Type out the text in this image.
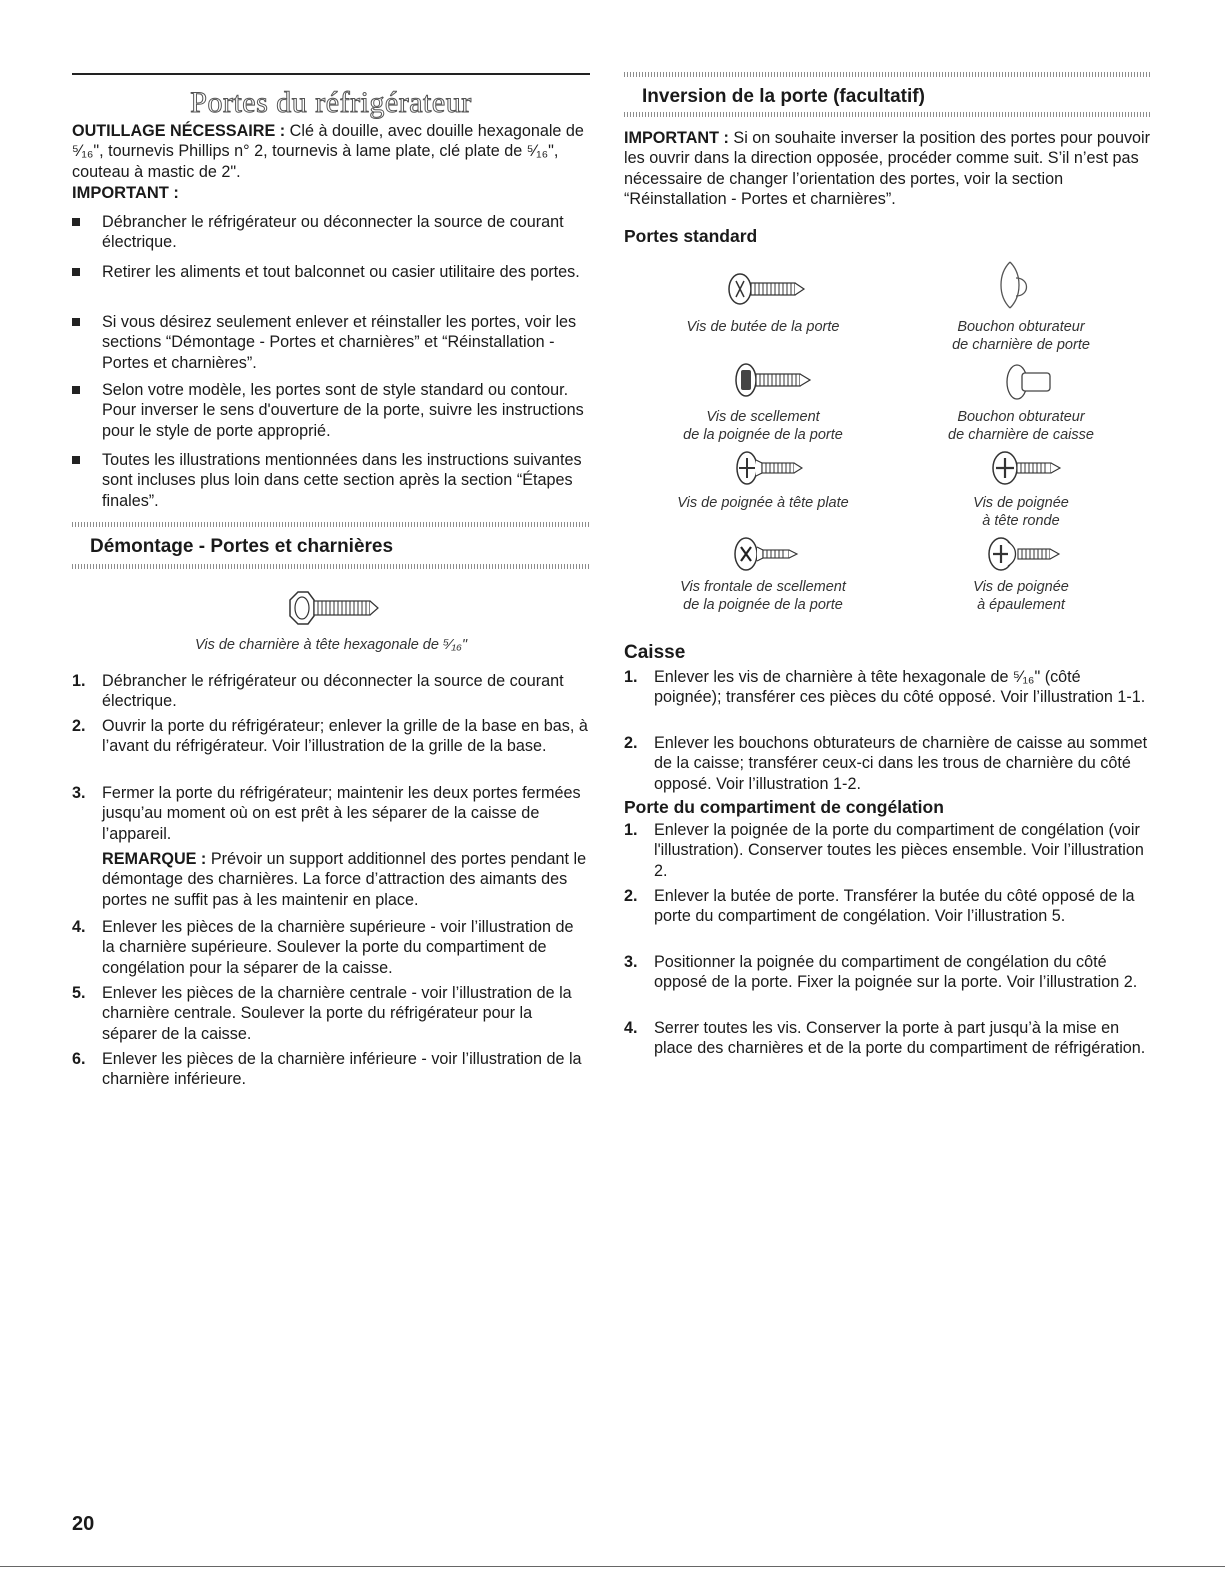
Portes du réfrigérateur

OUTILLAGE NÉCESSAIRE : Clé à douille, avec douille hexagonale de ⁵⁄₁₆", tournevis Phillips n° 2, tournevis à lame plate, clé plate de ⁵⁄₁₆", couteau à mastic de 2".

IMPORTANT :
Débrancher le réfrigérateur ou déconnecter la source de courant électrique.
Retirer les aliments et tout balconnet ou casier utilitaire des portes.
Si vous désirez seulement enlever et réinstaller les portes, voir les sections “Démontage - Portes et charnières” et “Réinstallation - Portes et charnières”.
Selon votre modèle, les portes sont de style standard ou contour. Pour inverser le sens d'ouverture de la porte, suivre les instructions pour le style de porte approprié.
Toutes les illustrations mentionnées dans les instructions suivantes sont incluses plus loin dans cette section après la section “Étapes finales”.
Démontage - Portes et charnières
Vis de charnière à tête hexagonale de ⁵⁄₁₆"
1. Débrancher le réfrigérateur ou déconnecter la source de courant électrique.
2. Ouvrir la porte du réfrigérateur; enlever la grille de la base en bas, à l’avant du réfrigérateur. Voir l’illustration de la grille de la base.
3. Fermer la porte du réfrigérateur; maintenir les deux portes fermées jusqu’au moment où on est prêt à les séparer de la caisse de l’appareil.
REMARQUE : Prévoir un support additionnel des portes pendant le démontage des charnières. La force d’attraction des aimants des portes ne suffit pas à les maintenir en place.
4. Enlever les pièces de la charnière supérieure - voir l’illustration de la charnière supérieure. Soulever la porte du compartiment de congélation pour la séparer de la caisse.
5. Enlever les pièces de la charnière centrale - voir l’illustration de la charnière centrale. Soulever la porte du réfrigérateur pour la séparer de la caisse.
6. Enlever les pièces de la charnière inférieure - voir l’illustration de la charnière inférieure.
Inversion de la porte (facultatif)

IMPORTANT : Si on souhaite inverser la position des portes pour pouvoir les ouvrir dans la direction opposée, procéder comme suit. S’il n’est pas nécessaire de changer l’orientation des portes, voir la section “Réinstallation - Portes et charnières”.

Portes standard
Vis de butée de la porte	Bouchon obturateur
de charnière de porte
Vis de scellement
de la poignée de la porte
Bouchon obturateur
de charnière de caisse
Vis de poignée à tête plate	Vis de poignée
à tête ronde
Vis frontale de scellement
de la poignée de la porte
Vis de poignée
à épaulement
Caisse
1. Enlever les vis de charnière à tête hexagonale de ⁵⁄₁₆" (côté poignée); transférer ces pièces du côté opposé. Voir l’illustration 1-1.
2. Enlever les bouchons obturateurs de charnière de caisse au sommet de la caisse; transférer ceux-ci dans les trous de charnière du côté opposé. Voir l’illustration 1-2.
Porte du compartiment de congélation
1. Enlever la poignée de la porte du compartiment de congélation (voir l'illustration). Conserver toutes les pièces ensemble. Voir l’illustration 2.
2. Enlever la butée de porte. Transférer la butée du côté opposé de la porte du compartiment de congélation. Voir l’illustration 5.
3. Positionner la poignée du compartiment de congélation du côté opposé de la porte. Fixer la poignée sur la porte. Voir l’illustration 2.
4. Serrer toutes les vis. Conserver la porte à part jusqu’à la mise en place des charnières et de la porte du compartiment de réfrigération.
20
